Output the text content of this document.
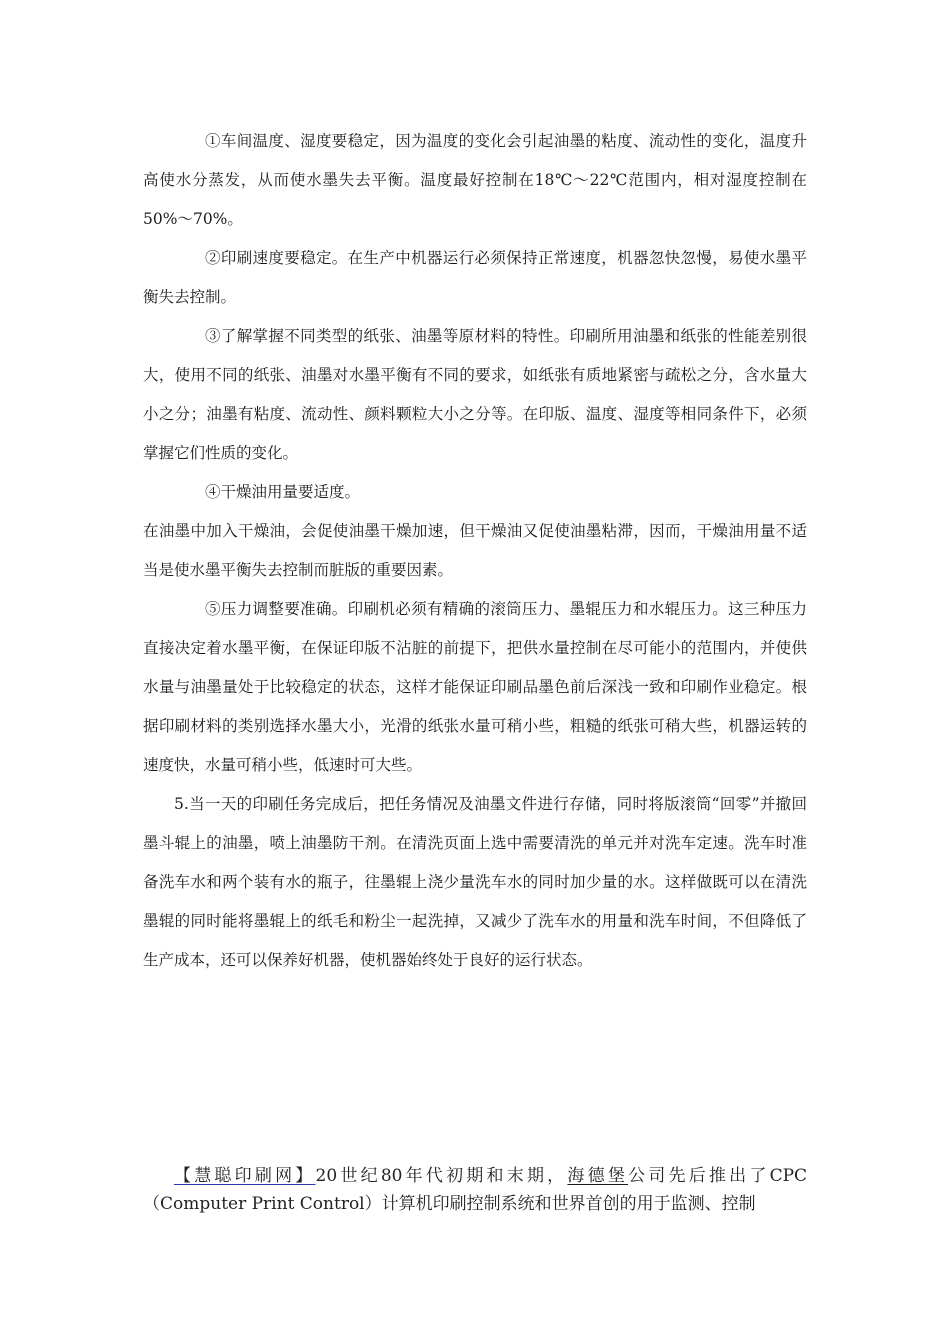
①车间温度、湿度要稳定，因为温度的变化会引起油墨的粘度、流动性的变化，温度升高使水分蒸发，从而使水墨失去平衡。温度最好控制在18℃～22℃范围内，相对湿度控制在50%～70%。

②印刷速度要稳定。在生产中机器运行必须保持正常速度，机器忽快忽慢，易使水墨平衡失去控制。

③了解掌握不同类型的纸张、油墨等原材料的特性。印刷所用油墨和纸张的性能差别很大，使用不同的纸张、油墨对水墨平衡有不同的要求，如纸张有质地紧密与疏松之分，含水量大小之分；油墨有粘度、流动性、颜料颗粒大小之分等。在印版、温度、湿度等相同条件下，必须掌握它们性质的变化。

④干燥油用量要适度。

在油墨中加入干燥油，会促使油墨干燥加速，但干燥油又促使油墨粘滞，因而，干燥油用量不适当是使水墨平衡失去控制而脏版的重要因素。

⑤压力调整要准确。印刷机必须有精确的滚筒压力、墨辊压力和水辊压力。这三种压力直接决定着水墨平衡，在保证印版不沾脏的前提下，把供水量控制在尽可能小的范围内，并使供水量与油墨量处于比较稳定的状态，这样才能保证印刷品墨色前后深浅一致和印刷作业稳定。根据印刷材料的类别选择水墨大小，光滑的纸张水量可稍小些，粗糙的纸张可稍大些，机器运转的速度快，水量可稍小些，低速时可大些。

5.当一天的印刷任务完成后，把任务情况及油墨文件进行存储，同时将版滚筒“回零”并撤回墨斗辊上的油墨，喷上油墨防干剂。在清洗页面上选中需要清洗的单元并对洗车定速。洗车时准备洗车水和两个装有水的瓶子，往墨辊上浇少量洗车水的同时加少量的水。这样做既可以在清洗墨辊的同时能将墨辊上的纸毛和粉尘一起洗掉，又减少了洗车水的用量和洗车时间，不但降低了生产成本，还可以保养好机器，使机器始终处于良好的运行状态。

【慧聪印刷网】20世纪80年代初期和末期，海德堡公司先后推出了CPC（Computer Print Control）计算机印刷控制系统和世界首创的用于监测、控制
